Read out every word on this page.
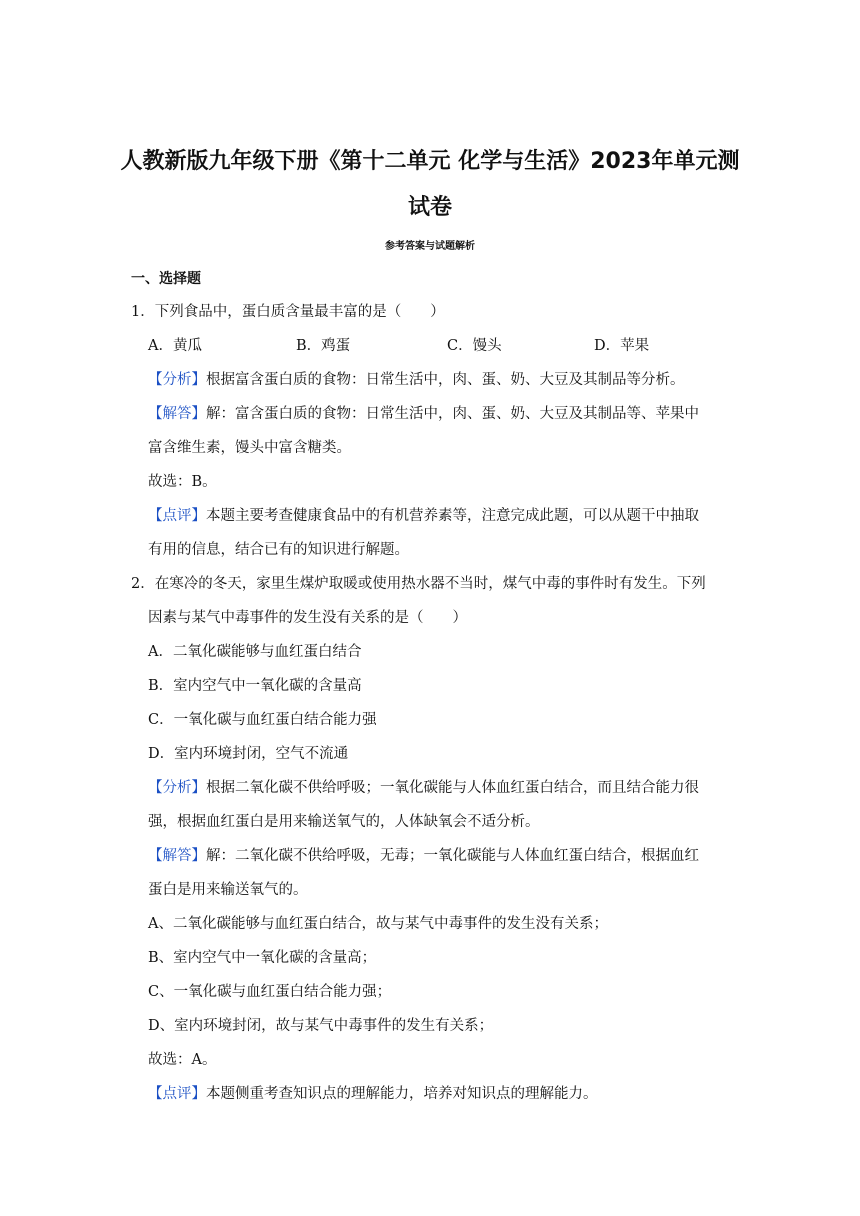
人教新版九年级下册《第十二单元 化学与生活》2023年单元测
试卷
参考答案与试题解析
一、选择题
1．下列食品中，蛋白质含量最丰富的是（　　）
A．黄瓜	B．鸡蛋	C．馒头	D．苹果
【分析】根据富含蛋白质的食物：日常生活中，肉、蛋、奶、大豆及其制品等分析。
【解答】解：富含蛋白质的食物：日常生活中，肉、蛋、奶、大豆及其制品等、苹果中
富含维生素，馒头中富含糖类。
故选：B。
【点评】本题主要考查健康食品中的有机营养素等，注意完成此题，可以从题干中抽取
有用的信息，结合已有的知识进行解题。
2．在寒冷的冬天，家里生煤炉取暖或使用热水器不当时，煤气中毒的事件时有发生。下列
因素与某气中毒事件的发生没有关系的是（　　）
A．二氧化碳能够与血红蛋白结合
B．室内空气中一氧化碳的含量高
C．一氧化碳与血红蛋白结合能力强
D．室内环境封闭，空气不流通
【分析】根据二氧化碳不供给呼吸；一氧化碳能与人体血红蛋白结合，而且结合能力很
强，根据血红蛋白是用来输送氧气的，人体缺氧会不适分析。
【解答】解：二氧化碳不供给呼吸，无毒；一氧化碳能与人体血红蛋白结合，根据血红
蛋白是用来输送氧气的。
A、二氧化碳能够与血红蛋白结合，故与某气中毒事件的发生没有关系；
B、室内空气中一氧化碳的含量高；
C、一氧化碳与血红蛋白结合能力强；
D、室内环境封闭，故与某气中毒事件的发生有关系；
故选：A。
【点评】本题侧重考查知识点的理解能力，培养对知识点的理解能力。
